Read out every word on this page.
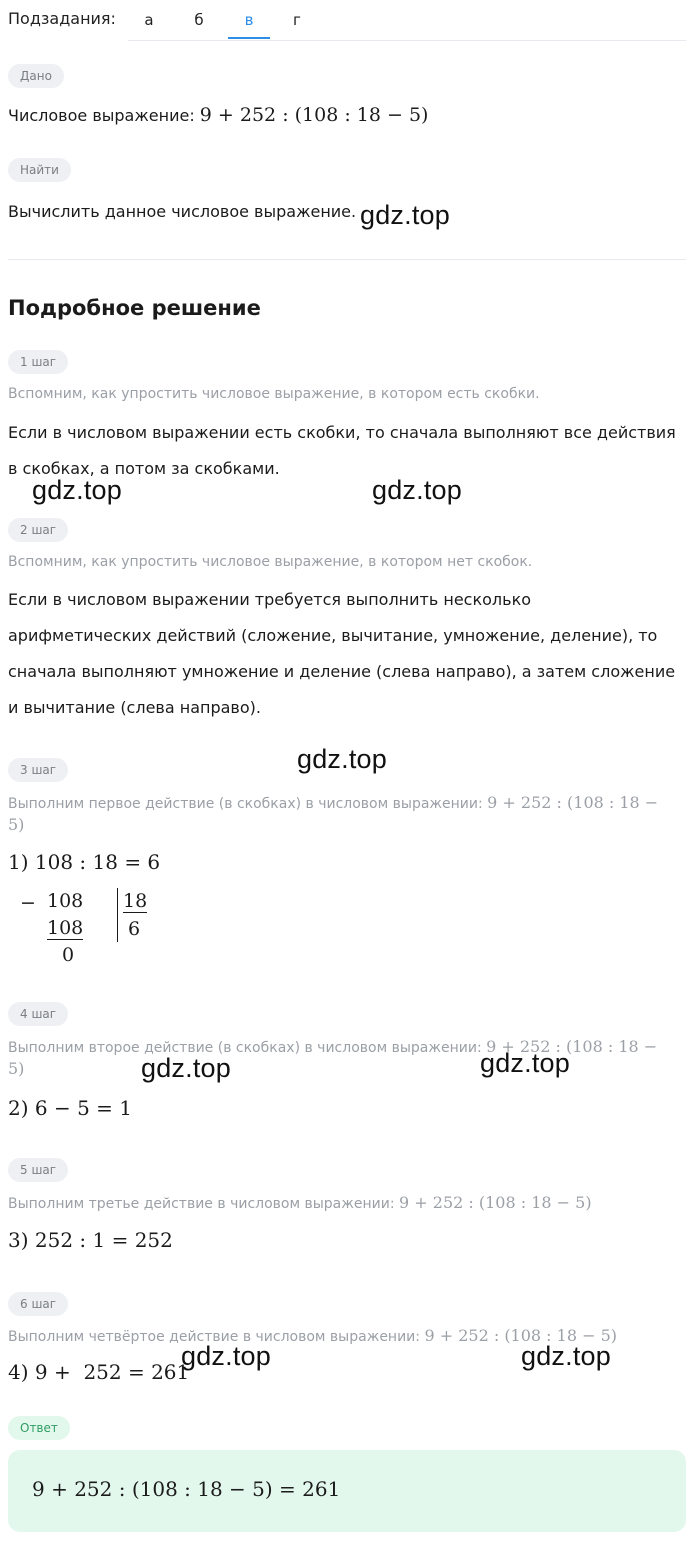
Подзадания:	а	б	в	г
Дано
Числовое выражение: 9 + 252 : (108 : 18 − 5)
Найти
Вычислить данное числовое выражение.
Подробное решение
1 шаг
Вспомним, как упростить числовое выражение, в котором есть скобки.
Если в числовом выражении есть скобки, то сначала выполняют все действия
в скобках, а потом за скобками.
2 шаг
Вспомним, как упростить числовое выражение, в котором нет скобок.
Если в числовом выражении требуется выполнить несколько
арифметических действий (сложение, вычитание, умножение, деление), то
сначала выполняют умножение и деление (слева направо), а затем сложение
и вычитание (слева направо).
3 шаг
Выполним первое действие (в скобках) в числовом выражении: 9 + 252 : (108 : 18 −
5)
1) 108 : 18 = 6
− 108
108
0
18
6
4 шаг
Выполним второе действие (в скобках) в числовом выражении: 9 + 252 : (108 : 18 −
5)
2) 6 − 5 = 1
5 шаг
Выполним третье действие в числовом выражении: 9 + 252 : (108 : 18 − 5)
3) 252 : 1 = 252
6 шаг
Выполним четвёртое действие в числовом выражении: 9 + 252 : (108 : 18 − 5)
4) 9 +  252 = 261
Ответ
9 + 252 : (108 : 18 − 5) = 261
gdz.top
gdz.top	gdz.top
gdz.top
gdz.top	gdz.top
gdz.top	gdz.top
